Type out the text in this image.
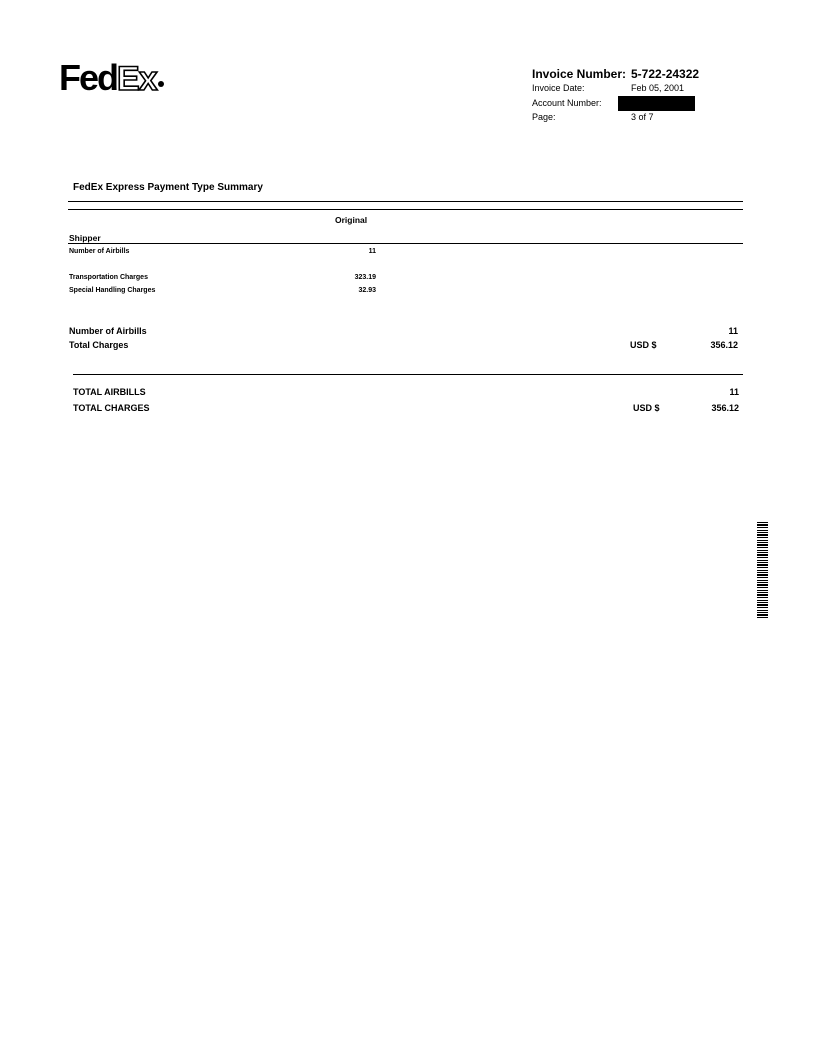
FedEx	Invoice Number: 5-722-24322
Invoice Date:	Feb 05, 2001
Account Number:
Page:	3 of 7
FedEx Express Payment Type Summary
Original
Shipper
Number of Airbills	11
Transportation Charges	323.19
Special Handling Charges	32.93
Number of Airbills	11
Total Charges	USD $	356.12
TOTAL AIRBILLS	11
TOTAL CHARGES	USD $	356.12
